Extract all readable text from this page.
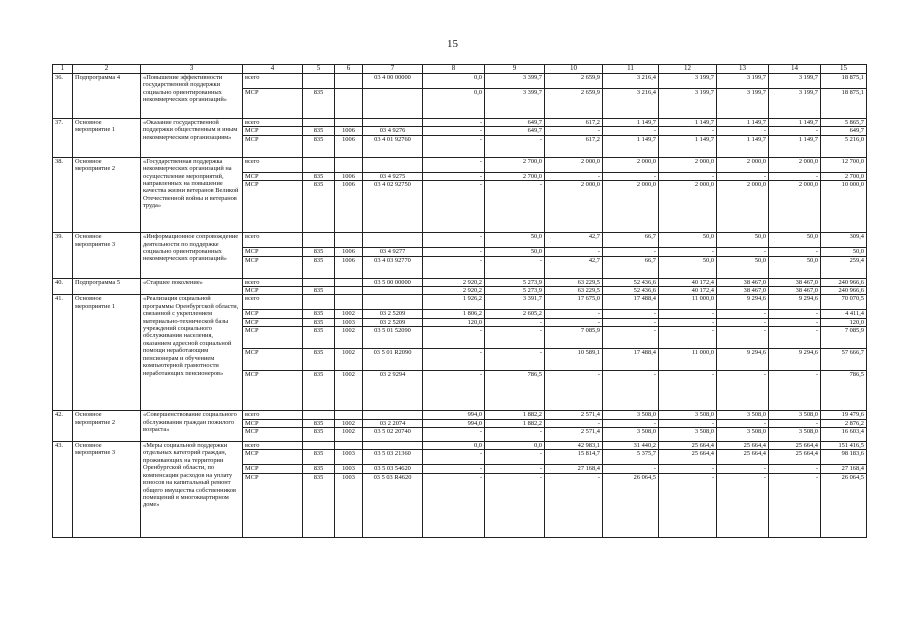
15
1	2	3	4	5	6	7	8	9	10	11	12	13	14	15
36.	Подпрограмма 4	«Повышение эффективности государственной поддержки социально ориентированных некоммерческих организаций»	всего			03 4 00 00000	0,0	3 399,7	2 659,9	3 216,4	3 199,7	3 199,7	3 199,7	18 875,1
			МСР	835			0,0	3 399,7	2 659,9	3 216,4	3 199,7	3 199,7	3 199,7	18 875,1
37.	Основное мероприятие 1	«Оказание государственной поддержки общественным и иным некоммерческим организациям»	всего				-	649,7	617,2	1 149,7	1 149,7	1 149,7	1 149,7	5 865,7
			МСР	835	1006	03 4 9276	-	649,7	-	-	-	-	-	649,7
			МСР	835	1006	03 4 01 92760	-	-	617,2	1 149,7	1 149,7	1 149,7	1 149,7	5 216,0
38.	Основное мероприятие 2	«Государственная поддержка некоммерческих организаций на осуществление мероприятий, направленных на повышение качества жизни ветеранов Великой Отечественной войны и ветеранов труда»	всего				-	2 700,0	2 000,0	2 000,0	2 000,0	2 000,0	2 000,0	12 700,0
			МСР	835	1006	03 4 9275	-	2 700,0	-	-	-	-	-	2 700,0
			МСР	835	1006	03 4 02 92750	-	-	2 000,0	2 000,0	2 000,0	2 000,0	2 000,0	10 000,0
39.	Основное мероприятие 3	«Информационное сопровождение деятельности по поддержке социально ориентированных некоммерческих организаций»	всего				-	50,0	42,7	66,7	50,0	50,0	50,0	309,4
			МСР	835	1006	03 4 9277	-	50,0	-	-	-	-	-	50,0
			МСР	835	1006	03 4 03 92770	-	-	42,7	66,7	50,0	50,0	50,0	259,4
40.	Подпрограмма 5	«Старшее поколение»	всего			03 5 00 00000	2 920,2	5 273,9	63 229,5	52 436,6	40 172,4	38 467,0	38 467,0	240 966,6
			МСР	835			2 920,2	5 273,9	63 229,5	52 436,6	40 172,4	38 467,0	38 467,0	240 966,6
41.	Основное мероприятие 1	«Реализация социальной программы Оренбургской области, связанной с укреплением материально-технической базы учреждений социального обслуживания населения, оказанием адресной социальной помощи неработающим пенсионерам и обучением компьютерной грамотности неработающих пенсионеров»	всего				1 926,2	3 391,7	17 675,0	17 488,4	11 000,0	9 294,6	9 294,6	70 070,5
			МСР	835	1002	03 2 5209	1 806,2	2 605,2	-	-	-	-	-	4 411,4
			МСР	835	1003	03 2 5209	120,0	-	-	-	-	-	-	120,0
			МСР	835	1002	03 5 01 52090	-	-	7 085,9	-	-	-	-	7 085,9
			МСР	835	1002	03 5 01 R2090	-	-	10 589,1	17 488,4	11 000,0	9 294,6	9 294,6	57 666,7
			МСР	835	1002	03 2 9294	-	786,5	-	-	-	-	-	786,5
42.	Основное мероприятие 2	«Совершенствование социального обслуживания граждан пожилого возраста»	всего				994,0	1 882,2	2 571,4	3 508,0	3 508,0	3 508,0	3 508,0	19 479,6
			МСР	835	1002	03 2 2074	994,0	1 882,2	-	-	-	-	-	2 876,2
			МСР	835	1002	03 5 02 20740	-	-	2 571,4	3 508,0	3 508,0	3 508,0	3 508,0	16 603,4
43.	Основное мероприятие 3	«Меры социальной поддержки отдельных категорий граждан, проживающих на территории Оренбургской области, по компенсации расходов на уплату взносов на капитальный ремонт общего имущества собственников помещений в многоквартирном доме»	всего				0,0	0,0	42 983,1	31 440,2	25 664,4	25 664,4	25 664,4	151 416,5
			МСР	835	1003	03 5 03 21360	-	-	15 814,7	5 375,7	25 664,4	25 664,4	25 664,4	98 183,6
			МСР	835	1003	03 5 03 54620	-	-	27 168,4	-	-	-	-	27 168,4
			МСР	835	1003	03 5 03 R4620	-	-	-	26 064,5	-	-	-	26 064,5
